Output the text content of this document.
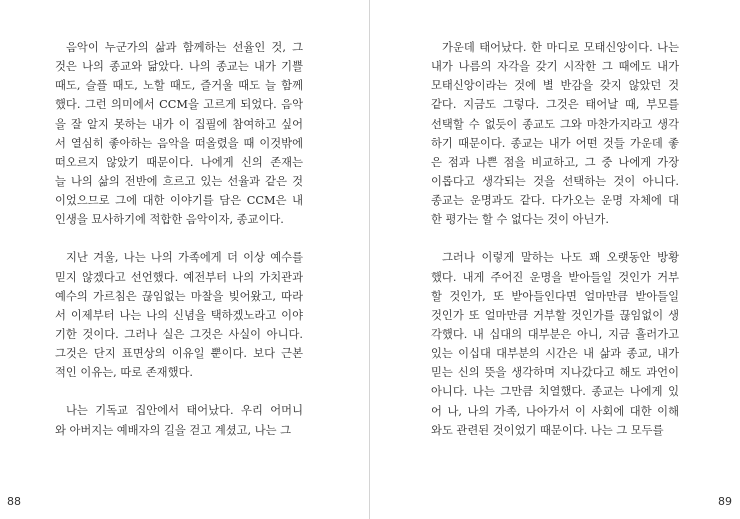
음악이 누군가의 삶과 함께하는 선율인 것, 그
것은 나의 종교와 닮았다. 나의 종교는 내가 기쁠
때도, 슬플 때도, 노할 때도, 즐거울 때도 늘 함께
했다. 그런 의미에서 CCM을 고르게 되었다. 음악
을 잘 알지 못하는 내가 이 집필에 참여하고 싶어
서 열심히 좋아하는 음악을 떠올렸을 때 이것밖에
떠오르지 않았기 때문이다. 나에게 신의 존재는
늘 나의 삶의 전반에 흐르고 있는 선율과 같은 것
이었으므로 그에 대한 이야기를 담은 CCM은 내
인생을 묘사하기에 적합한 음악이자, 종교이다.
지난 겨울, 나는 나의 가족에게 더 이상 예수를
믿지 않겠다고 선언했다. 예전부터 나의 가치관과
예수의 가르침은 끊임없는 마찰을 빚어왔고, 따라
서 이제부터 나는 나의 신념을 택하겠노라고 이야
기한 것이다. 그러나 실은 그것은 사실이 아니다.
그것은 단지 표면상의 이유일 뿐이다. 보다 근본
적인 이유는, 따로 존재했다.
나는 기독교 집안에서 태어났다. 우리 어머니
와 아버지는 예배자의 길을 걷고 계셨고, 나는 그
88
가운데 태어났다. 한 마디로 모태신앙이다. 나는
내가 나름의 자각을 갖기 시작한 그 때에도 내가
모태신앙이라는 것에 별 반감을 갖지 않았던 것
같다. 지금도 그렇다. 그것은 태어날 때, 부모를
선택할 수 없듯이 종교도 그와 마찬가지라고 생각
하기 때문이다. 종교는 내가 어떤 것들 가운데 좋
은 점과 나쁜 점을 비교하고, 그 중 나에게 가장
이롭다고 생각되는 것을 선택하는 것이 아니다.
종교는 운명과도 같다. 다가오는 운명 자체에 대
한 평가는 할 수 없다는 것이 아닌가.
그러나 이렇게 말하는 나도 꽤 오랫동안 방황
했다. 내게 주어진 운명을 받아들일 것인가 거부
할 것인가, 또 받아들인다면 얼마만큼 받아들일
것인가 또 얼마만큼 거부할 것인가를 끊임없이 생
각했다. 내 십대의 대부분은 아니, 지금 흘러가고
있는 이십대 대부분의 시간은 내 삶과 종교, 내가
믿는 신의 뜻을 생각하며 지나갔다고 해도 과언이
아니다. 나는 그만큼 치열했다. 종교는 나에게 있
어 나, 나의 가족, 나아가서 이 사회에 대한 이해
와도 관련된 것이었기 때문이다. 나는 그 모두를
89
